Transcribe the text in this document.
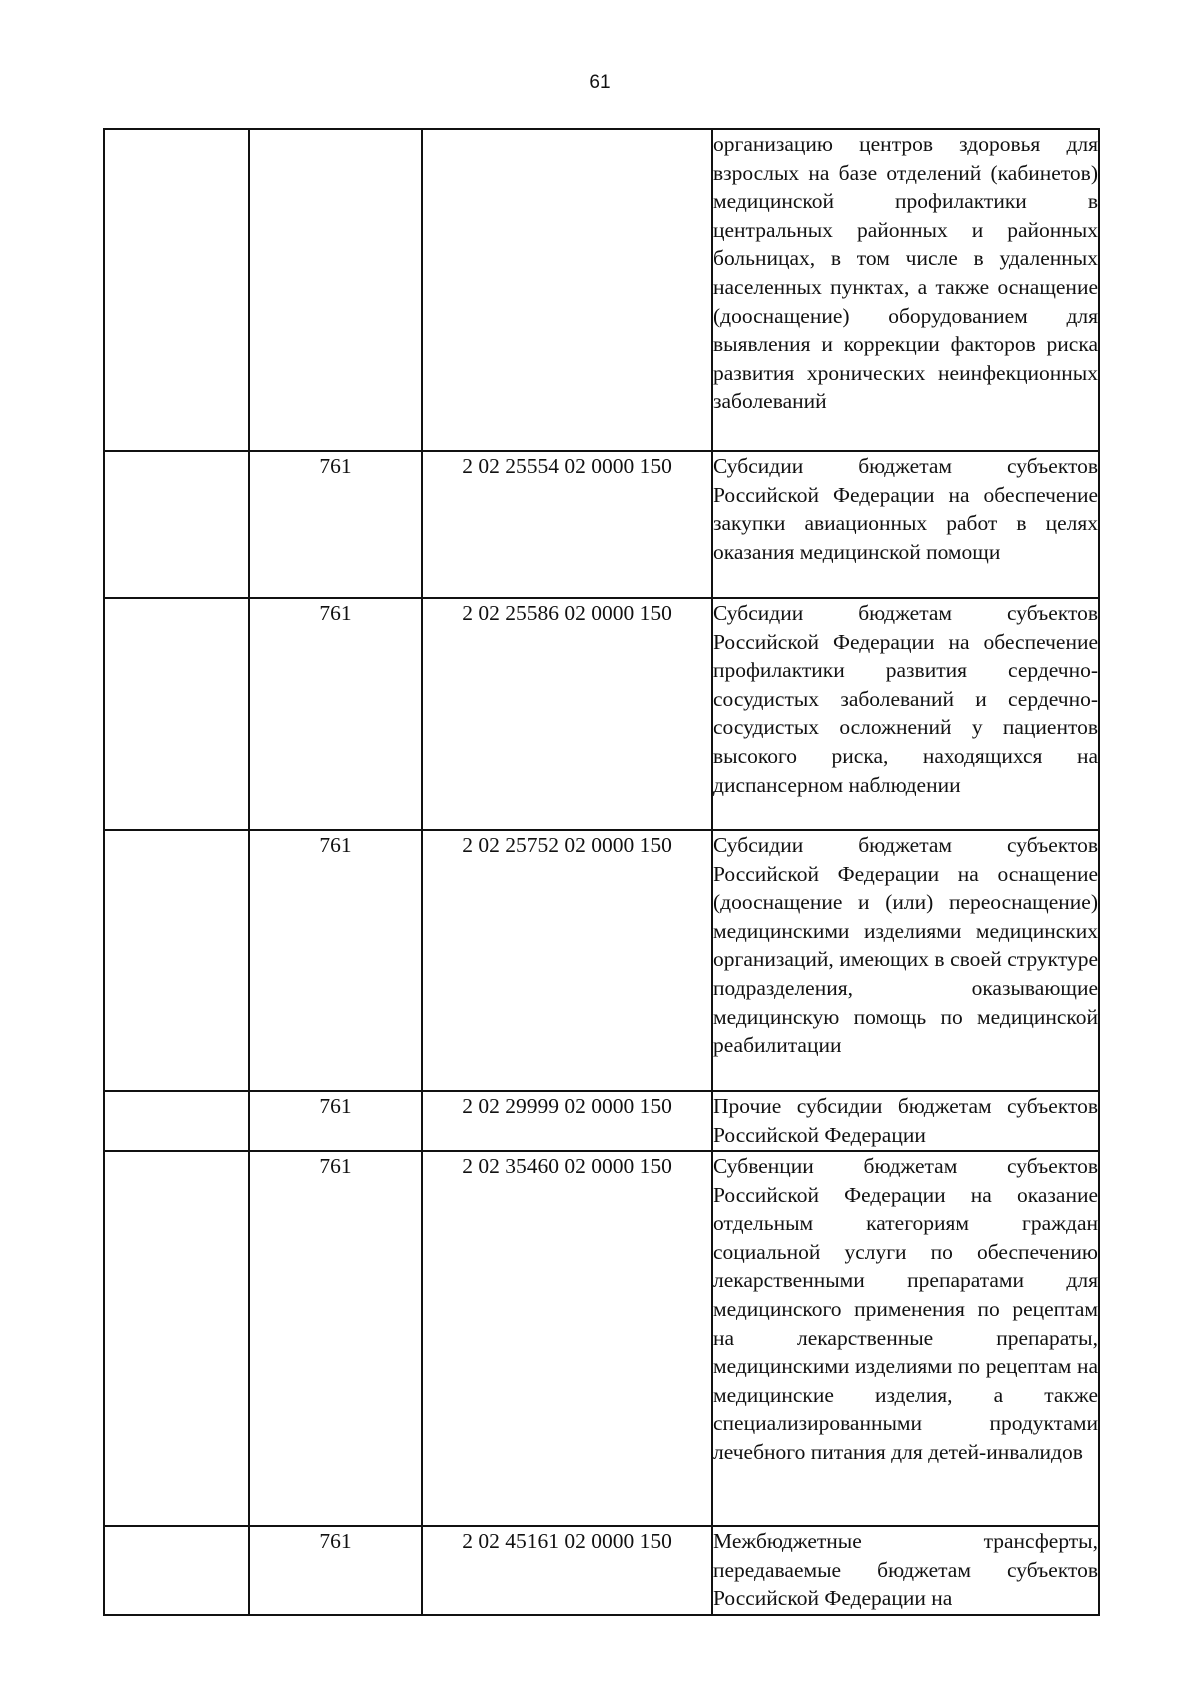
61
			организацию центров здоровья для взрослых на базе отделений (кабинетов) медицинской профилактики в центральных районных и районных больницах, в том числе в удаленных населенных пунктах, а также оснащение (дооснащение) оборудованием для выявления и коррекции факторов риска развития хронических неинфекционных заболеваний
	761	2 02 25554 02 0000 150	Субсидии бюджетам субъектов Российской Федерации на обеспечение закупки авиационных работ в целях оказания медицинской помощи
	761	2 02 25586 02 0000 150	Субсидии бюджетам субъектов Российской Федерации на обеспечение профилактики развития сердечно-сосудистых заболеваний и сердечно-сосудистых осложнений у пациентов высокого риска, находящихся на диспансерном наблюдении
	761	2 02 25752 02 0000 150	Субсидии бюджетам субъектов Российской Федерации на оснащение (дооснащение и (или) переоснащение) медицинскими изделиями медицинских организаций, имеющих в своей структуре подразделения, оказывающие медицинскую помощь по медицинской реабилитации
	761	2 02 29999 02 0000 150	Прочие субсидии бюджетам субъектов Российской Федерации
	761	2 02 35460 02 0000 150	Субвенции бюджетам субъектов Российской Федерации на оказание отдельным категориям граждан социальной услуги по обеспечению лекарственными препаратами для медицинского применения по рецептам на лекарственные препараты, медицинскими изделиями по рецептам на медицинские изделия, а также специализированными продуктами лечебного питания для детей-инвалидов
	761	2 02 45161 02 0000 150	Межбюджетные трансферты, передаваемые бюджетам субъектов Российской Федерации на
